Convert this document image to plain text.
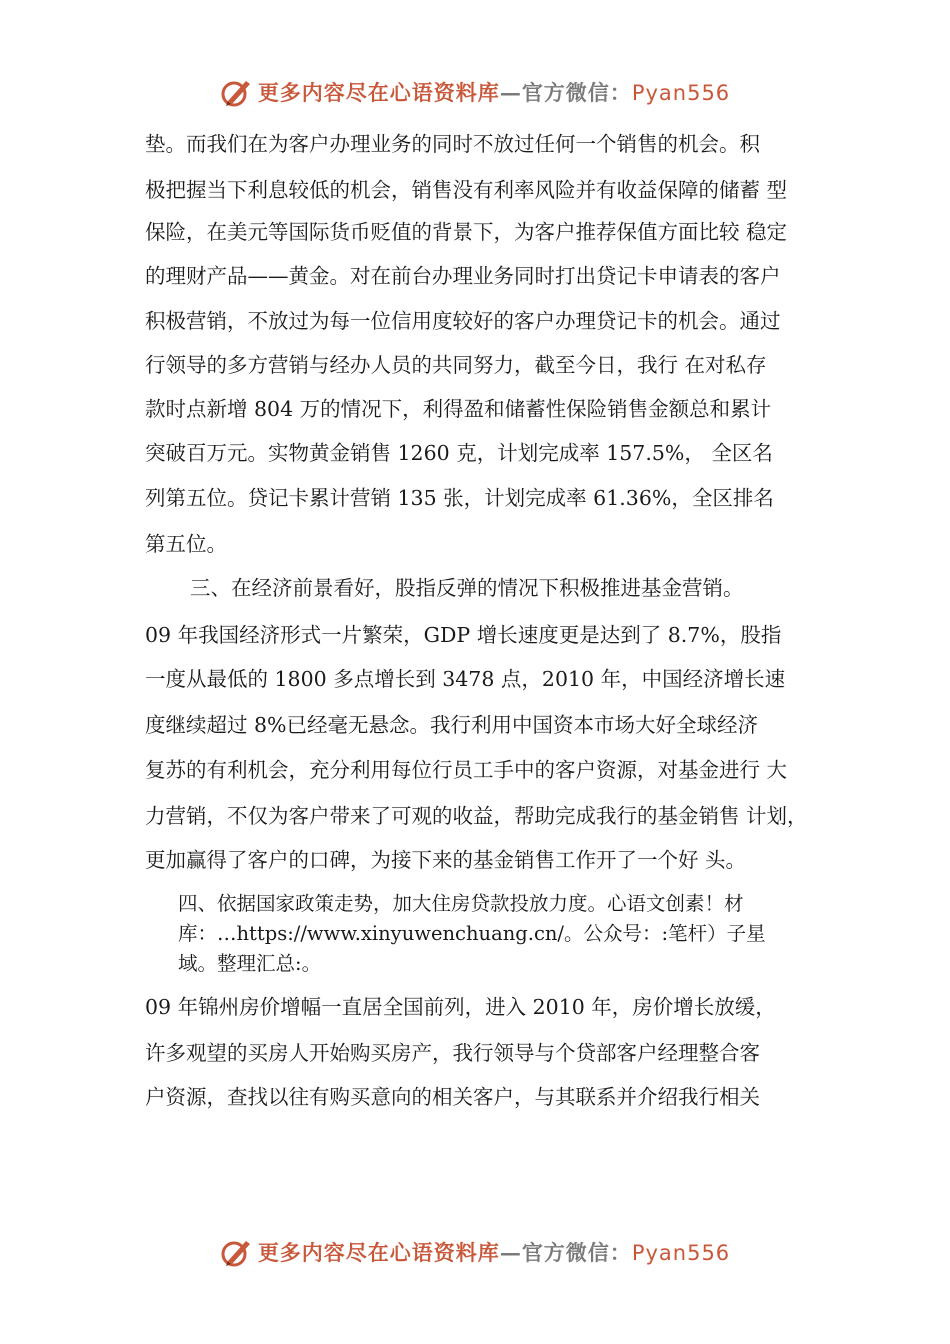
更多内容尽在心语资料库—官方微信：Pyan556
垫。而我们在为客户办理业务的同时不放过任何一个销售的机会。积
极把握当下利息较低的机会，销售没有利率风险并有收益保障的储蓄 型
保险，在美元等国际货币贬值的背景下，为客户推荐保值方面比较 稳定
的理财产品——黄金。对在前台办理业务同时打出贷记卡申请表的客户
积极营销，不放过为每一位信用度较好的客户办理贷记卡的机会。通过
行领导的多方营销与经办人员的共同努力，截至今日，我行 在对私存
款时点新增 804 万的情况下，利得盈和储蓄性保险销售金额总和累计
突破百万元。实物黄金销售 1260 克，计划完成率 157.5%， 全区名
列第五位。贷记卡累计营销 135 张，计划完成率 61.36%，全区排名
第五位。
三、在经济前景看好，股指反弹的情况下积极推进基金营销。
09 年我国经济形式一片繁荣，GDP 增长速度更是达到了 8.7%，股指
一度从最低的 1800 多点增长到 3478 点，2010 年，中国经济增长速
度继续超过 8%已经毫无悬念。我行利用中国资本市场大好全球经济
复苏的有利机会，充分利用每位行员工手中的客户资源，对基金进行 大
力营销，不仅为客户带来了可观的收益，帮助完成我行的基金销售 计划，
更加赢得了客户的口碑，为接下来的基金销售工作开了一个好 头。
四、依据国家政策走势，加大住房贷款投放力度。心语文创素！材
库：…https://www.xinyuwenchuang.cn/。公众号：:笔杆）子星
域。整理汇总:。
09 年锦州房价增幅一直居全国前列，进入 2010 年，房价增长放缓，
许多观望的买房人开始购买房产，我行领导与个贷部客户经理整合客
户资源，查找以往有购买意向的相关客户，与其联系并介绍我行相关
更多内容尽在心语资料库—官方微信：Pyan556
